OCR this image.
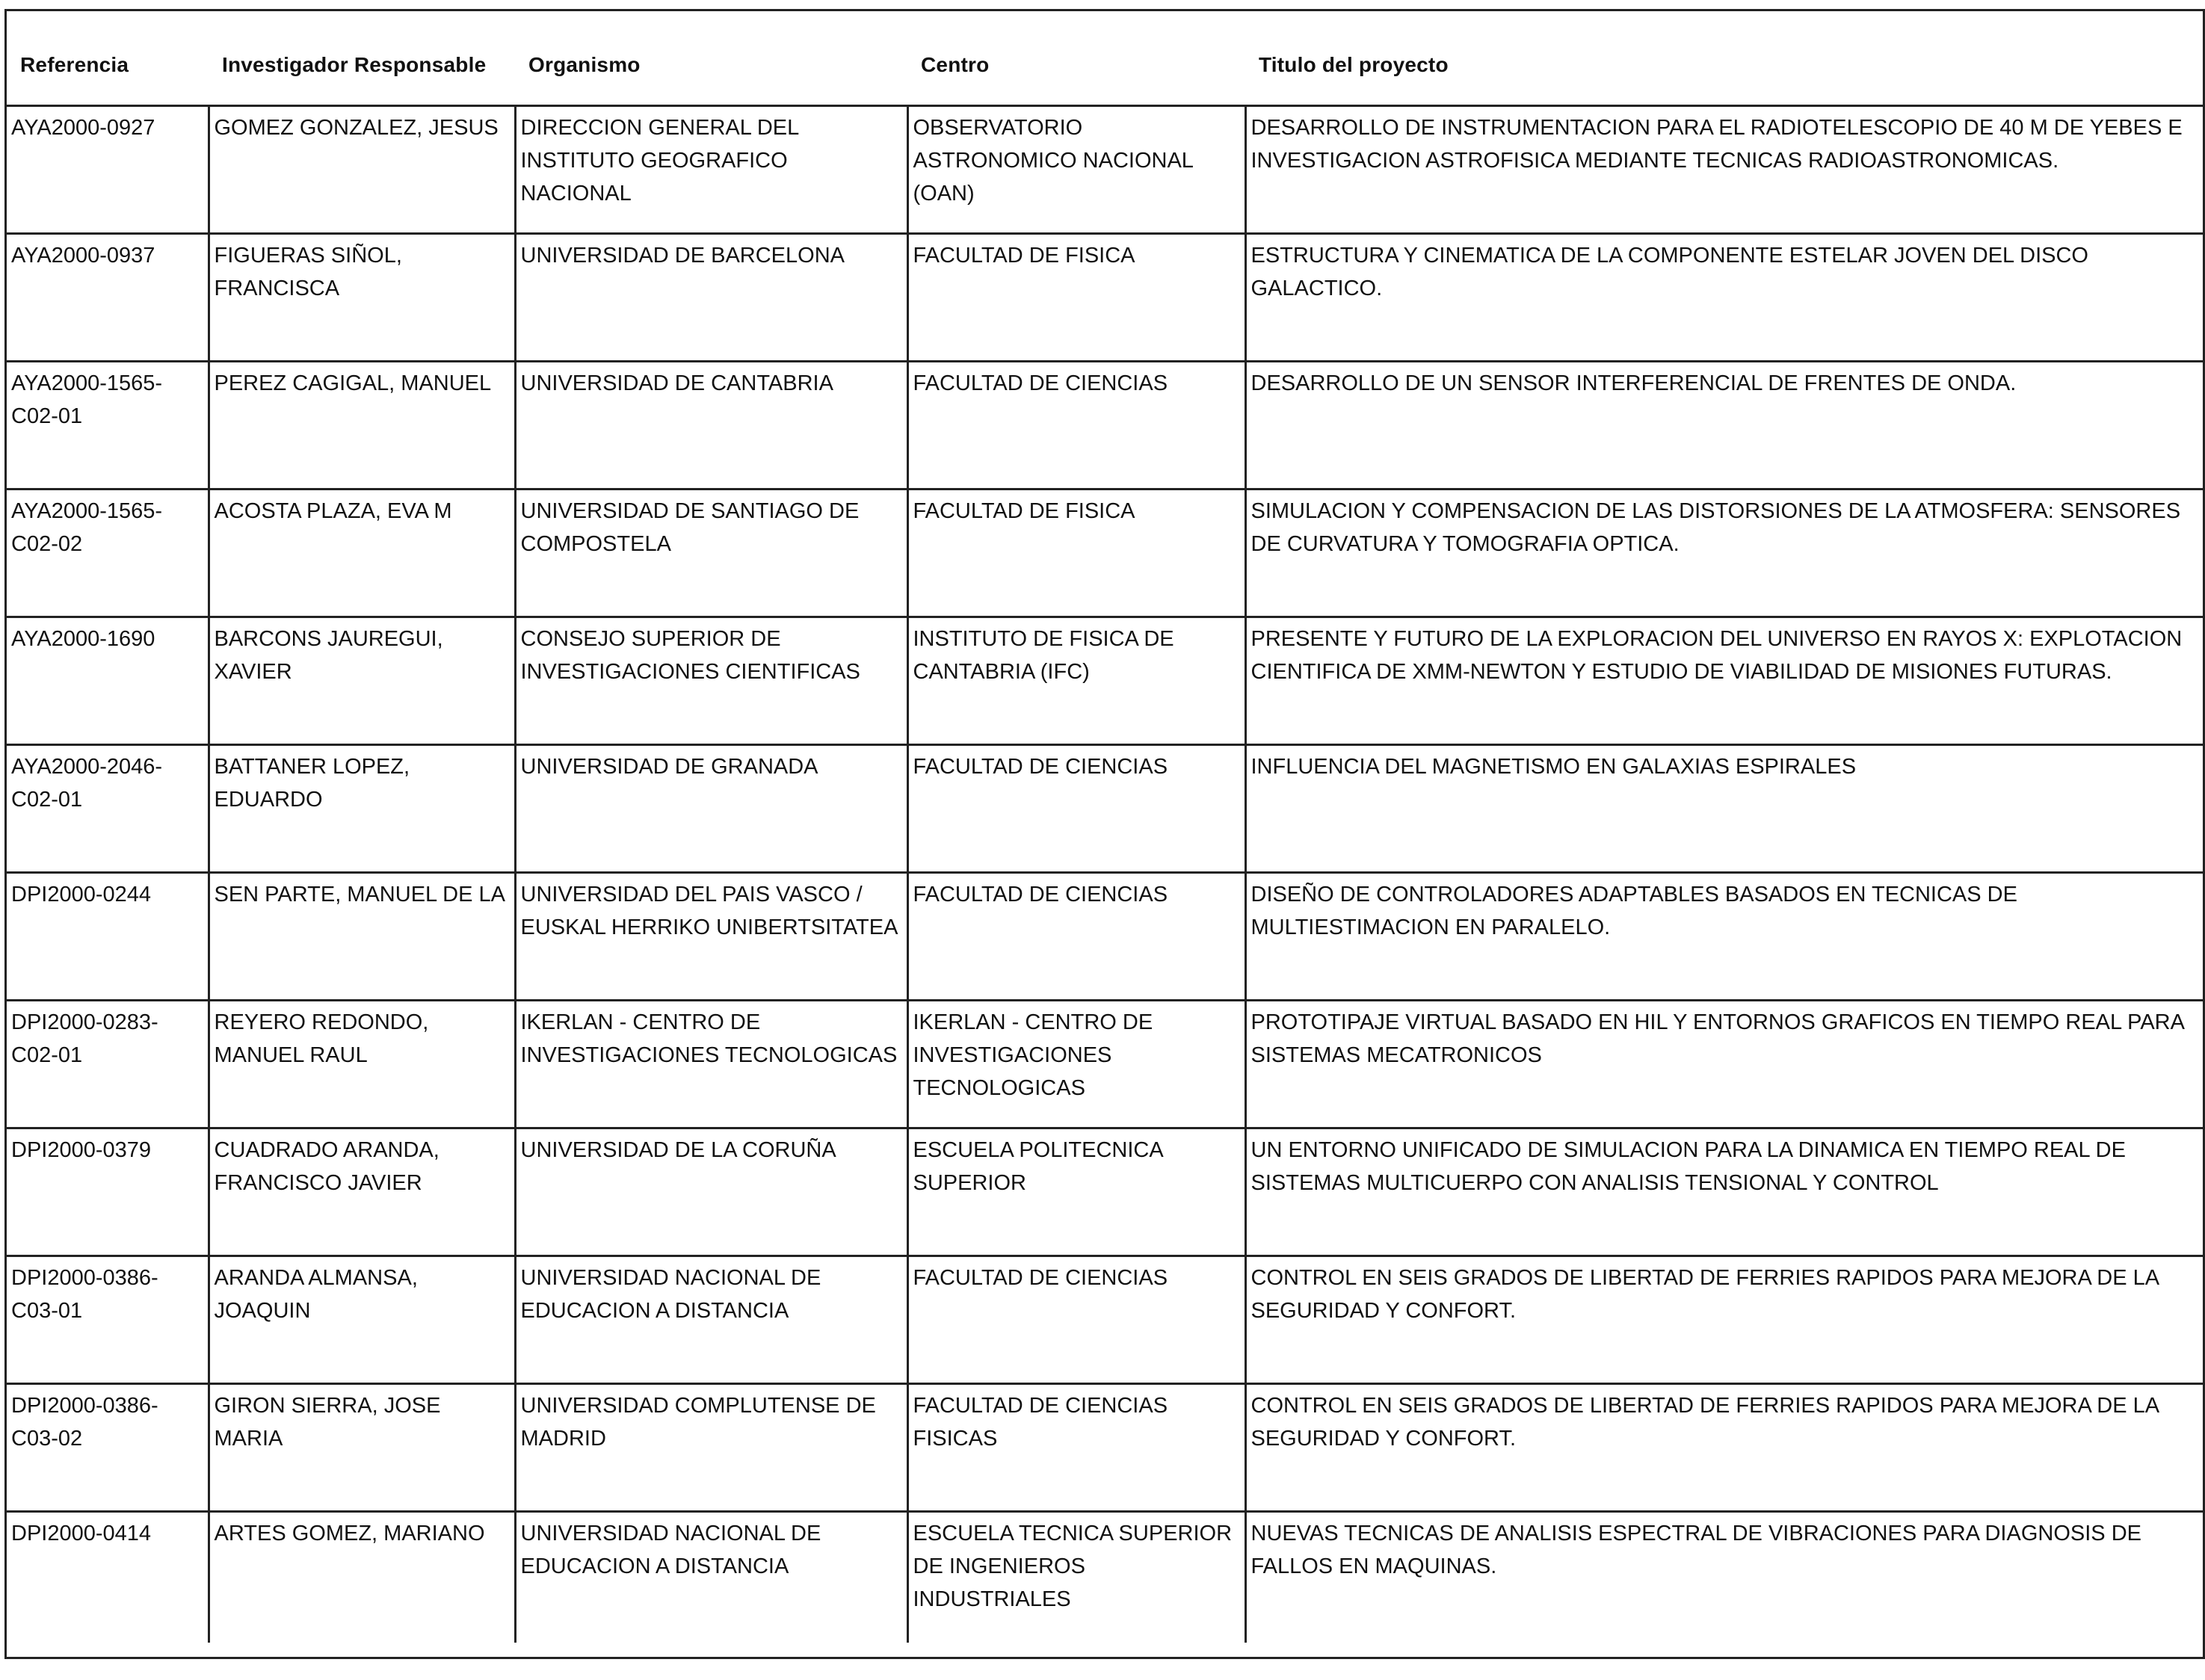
Referencia	Investigador Responsable	Organismo	Centro	Titulo del proyecto
AYA2000-0927	GOMEZ GONZALEZ, JESUS	DIRECCION GENERAL DEL INSTITUTO GEOGRAFICO NACIONAL	OBSERVATORIO ASTRONOMICO NACIONAL (OAN)	DESARROLLO DE INSTRUMENTACION PARA EL RADIOTELESCOPIO DE 40 M DE YEBES E INVESTIGACION ASTROFISICA MEDIANTE TECNICAS RADIOASTRONOMICAS.
AYA2000-0937	FIGUERAS SIÑOL, FRANCISCA	UNIVERSIDAD DE BARCELONA	FACULTAD DE FISICA	ESTRUCTURA Y CINEMATICA DE LA COMPONENTE ESTELAR JOVEN DEL DISCO GALACTICO.
AYA2000-1565-C02-01	PEREZ CAGIGAL, MANUEL	UNIVERSIDAD DE CANTABRIA	FACULTAD DE CIENCIAS	DESARROLLO DE UN SENSOR INTERFERENCIAL DE FRENTES DE ONDA.
AYA2000-1565-C02-02	ACOSTA PLAZA, EVA M	UNIVERSIDAD DE SANTIAGO DE COMPOSTELA	FACULTAD DE FISICA	SIMULACION Y COMPENSACION DE LAS DISTORSIONES DE LA ATMOSFERA: SENSORES DE CURVATURA Y TOMOGRAFIA OPTICA.
AYA2000-1690	BARCONS JAUREGUI, XAVIER	CONSEJO SUPERIOR DE INVESTIGACIONES CIENTIFICAS	INSTITUTO DE FISICA DE CANTABRIA (IFC)	PRESENTE Y FUTURO DE LA EXPLORACION DEL UNIVERSO EN RAYOS X: EXPLOTACION CIENTIFICA DE XMM-NEWTON Y ESTUDIO DE VIABILIDAD DE MISIONES FUTURAS.
AYA2000-2046-C02-01	BATTANER LOPEZ, EDUARDO	UNIVERSIDAD DE GRANADA	FACULTAD DE CIENCIAS	INFLUENCIA DEL MAGNETISMO EN GALAXIAS ESPIRALES
DPI2000-0244	SEN PARTE, MANUEL DE LA	UNIVERSIDAD DEL PAIS VASCO / EUSKAL HERRIKO UNIBERTSITATEA	FACULTAD DE CIENCIAS	DISEÑO DE CONTROLADORES ADAPTABLES BASADOS EN TECNICAS DE MULTIESTIMACION EN PARALELO.
DPI2000-0283-C02-01	REYERO REDONDO, MANUEL RAUL	IKERLAN - CENTRO DE INVESTIGACIONES TECNOLOGICAS	IKERLAN - CENTRO DE INVESTIGACIONES TECNOLOGICAS	PROTOTIPAJE VIRTUAL BASADO EN HIL Y ENTORNOS GRAFICOS EN TIEMPO REAL PARA SISTEMAS MECATRONICOS
DPI2000-0379	CUADRADO ARANDA, FRANCISCO JAVIER	UNIVERSIDAD DE LA CORUÑA	ESCUELA POLITECNICA SUPERIOR	UN ENTORNO UNIFICADO DE SIMULACION PARA LA DINAMICA EN TIEMPO REAL DE SISTEMAS MULTICUERPO CON ANALISIS TENSIONAL Y CONTROL
DPI2000-0386-C03-01	ARANDA ALMANSA, JOAQUIN	UNIVERSIDAD NACIONAL DE EDUCACION A DISTANCIA	FACULTAD DE CIENCIAS	CONTROL EN SEIS GRADOS DE LIBERTAD DE FERRIES RAPIDOS PARA MEJORA DE LA SEGURIDAD Y CONFORT.
DPI2000-0386-C03-02	GIRON SIERRA, JOSE MARIA	UNIVERSIDAD COMPLUTENSE DE MADRID	FACULTAD DE CIENCIAS FISICAS	CONTROL EN SEIS GRADOS DE LIBERTAD DE FERRIES RAPIDOS PARA MEJORA DE LA SEGURIDAD Y CONFORT.
DPI2000-0414	ARTES GOMEZ, MARIANO	UNIVERSIDAD NACIONAL DE EDUCACION A DISTANCIA	ESCUELA TECNICA SUPERIOR DE INGENIEROS INDUSTRIALES	NUEVAS TECNICAS DE ANALISIS ESPECTRAL DE VIBRACIONES PARA DIAGNOSIS DE FALLOS EN MAQUINAS.
